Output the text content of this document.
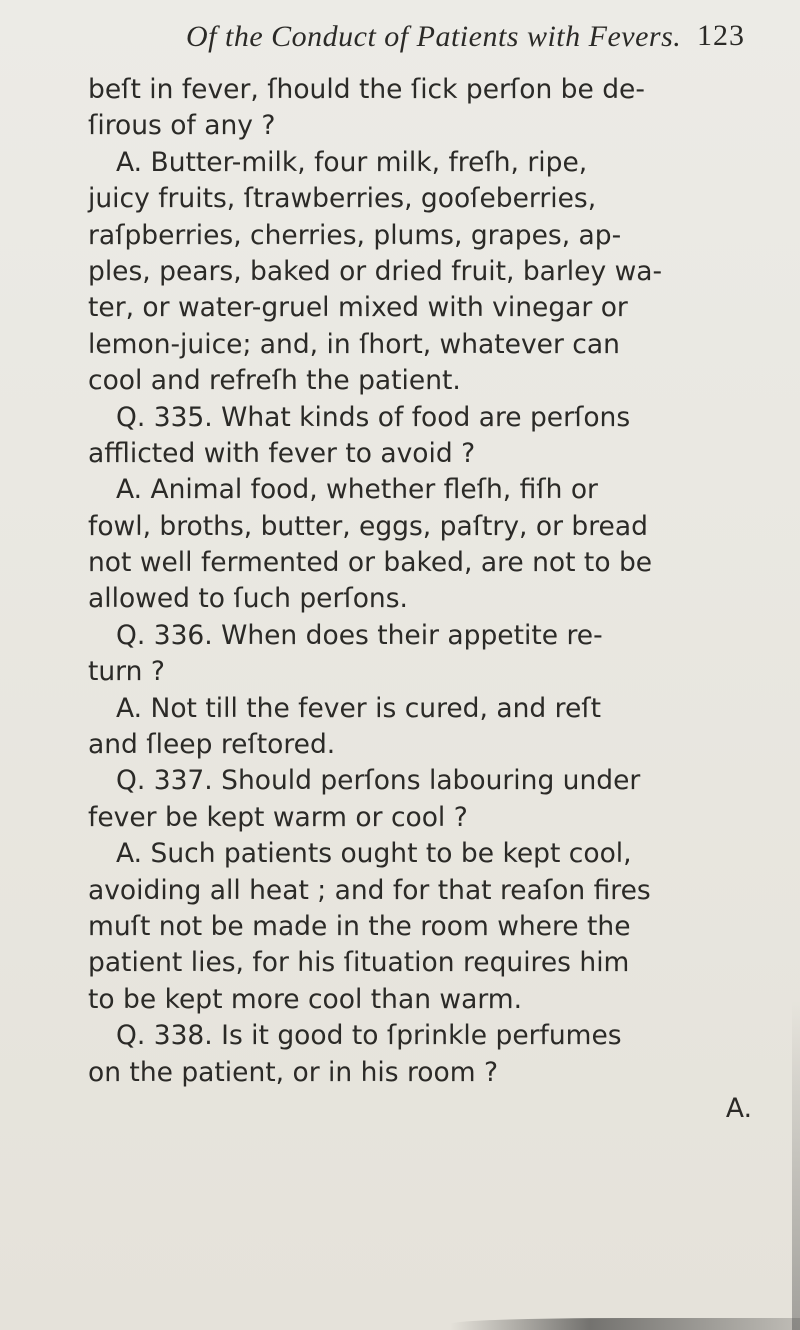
Of the Conduct of Patients with Fevers. 123
beſt in fever, ſhould the ſick perſon be de-
ſirous of any ?
A. Butter-milk, four milk, freſh, ripe,
juicy fruits, ſtrawberries, gooſeberries,
raſpberries, cherries, plums, grapes, ap-
ples, pears, baked or dried fruit, barley wa-
ter, or water-gruel mixed with vinegar or
lemon-juice; and, in ſhort, whatever can
cool and refreſh the patient.
Q. 335. What kinds of food are perſons
afflicted with fever to avoid ?
A. Animal food, whether fleſh, fiſh or
fowl, broths, butter, eggs, paſtry, or bread
not well fermented or baked, are not to be
allowed to ſuch perſons.
Q. 336. When does their appetite re-
turn ?
A. Not till the fever is cured, and reſt
and ſleep reſtored.
Q. 337. Should perſons labouring under
fever be kept warm or cool ?
A. Such patients ought to be kept cool,
avoiding all heat ; and for that reaſon fires
muſt not be made in the room where the
patient lies, for his ſituation requires him
to be kept more cool than warm.
Q. 338. Is it good to ſprinkle perfumes
on the patient, or in his room ?
A.
